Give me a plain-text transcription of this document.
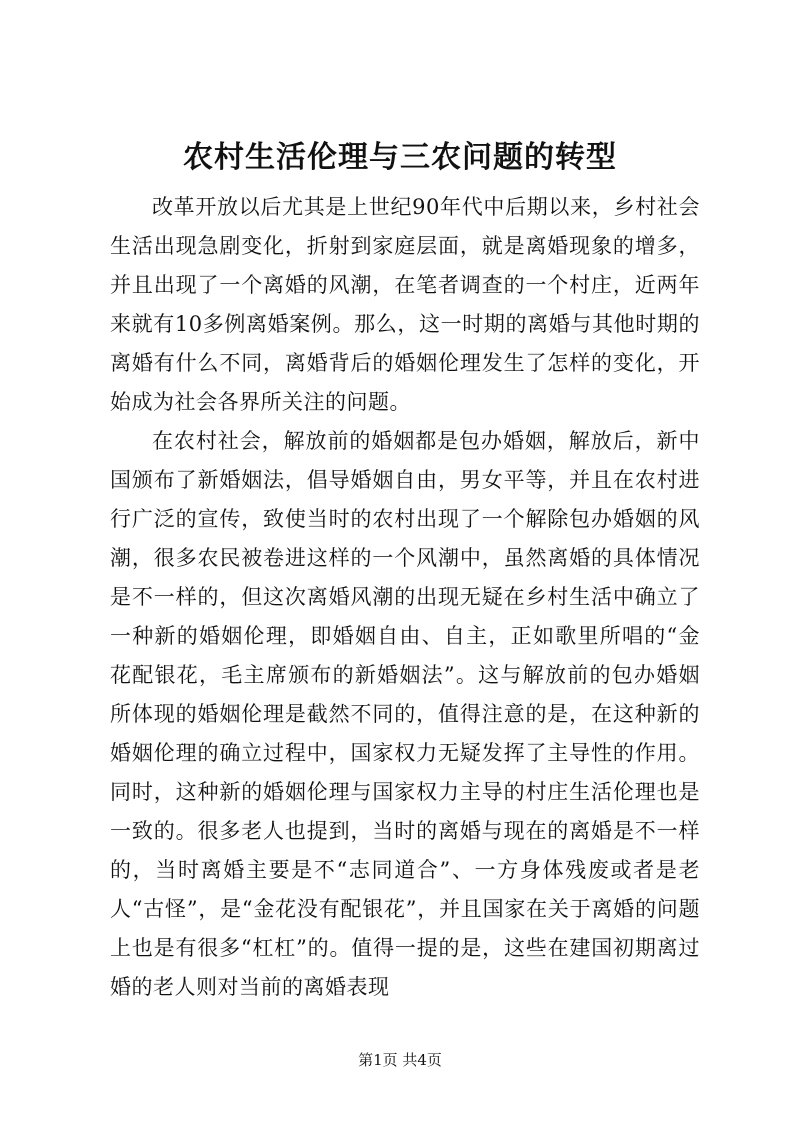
农村生活伦理与三农问题的转型

改革开放以后尤其是上世纪90年代中后期以来，乡村社会生活出现急剧变化，折射到家庭层面，就是离婚现象的增多，并且出现了一个离婚的风潮，在笔者调查的一个村庄，近两年来就有10多例离婚案例。那么，这一时期的离婚与其他时期的离婚有什么不同，离婚背后的婚姻伦理发生了怎样的变化，开始成为社会各界所关注的问题。

在农村社会，解放前的婚姻都是包办婚姻，解放后，新中国颁布了新婚姻法，倡导婚姻自由，男女平等，并且在农村进行广泛的宣传，致使当时的农村出现了一个解除包办婚姻的风潮，很多农民被卷进这样的一个风潮中，虽然离婚的具体情况是不一样的，但这次离婚风潮的出现无疑在乡村生活中确立了一种新的婚姻伦理，即婚姻自由、自主，正如歌里所唱的“金花配银花，毛主席颁布的新婚姻法”。这与解放前的包办婚姻所体现的婚姻伦理是截然不同的，值得注意的是，在这种新的婚姻伦理的确立过程中，国家权力无疑发挥了主导性的作用。同时，这种新的婚姻伦理与国家权力主导的村庄生活伦理也是一致的。很多老人也提到，当时的离婚与现在的离婚是不一样的，当时离婚主要是不“志同道合”、一方身体残废或者是老人“古怪”，是“金花没有配银花”，并且国家在关于离婚的问题上也是有很多“杠杠”的。值得一提的是，这些在建国初期离过婚的老人则对当前的离婚表现

第1页 共4页
